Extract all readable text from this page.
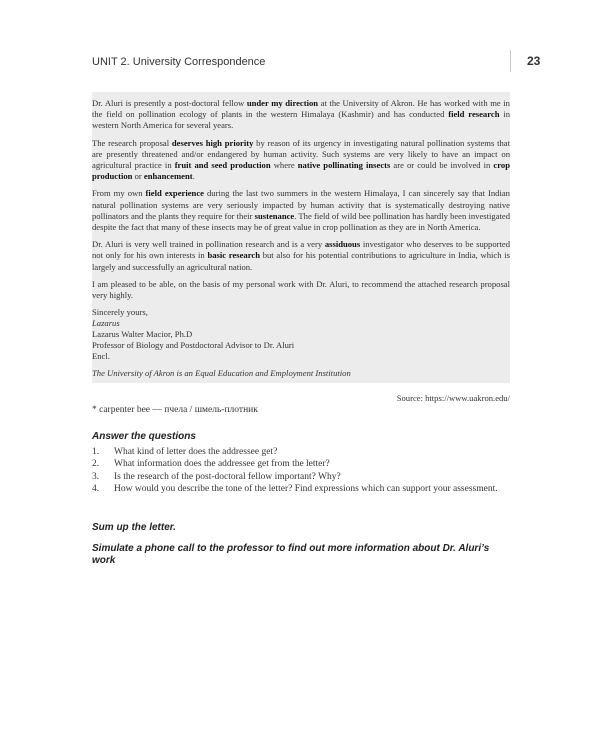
UNIT 2. University Correspondence	23

Dr. Aluri is presently a post-doctoral fellow under my direction at the University of Akron. He has worked with me in the field on pollination ecology of plants in the western Himalaya (Kashmir) and has conducted field research in western North America for several years.

The research proposal deserves high priority by reason of its urgency in investigating natural pollination systems that are presently threatened and/or endangered by human activity. Such systems are very likely to have an impact on agricultural practice in fruit and seed production where native pollinating insects are or could be involved in crop production or enhancement.

From my own field experience during the last two summers in the western Himalaya, I can sincerely say that Indian natural pollination systems are very seriously impacted by human activity that is systematically destroying native pollinators and the plants they require for their sustenance. The field of wild bee pollination has hardly been investigated despite the fact that many of these insects may be of great value in crop pollination as they are in North America.

Dr. Aluri is very well trained in pollination research and is a very assiduous investigator who deserves to be supported not only for his own interests in basic research but also for his potential contributions to agriculture in India, which is largely and successfully an agricultural nation.

I am pleased to be able, on the basis of my personal work with Dr. Aluri, to recommend the attached research proposal very highly.

Sincerely yours,
Lazarus
Lazarus Walter Macior, Ph.D
Professor of Biology and Postdoctoral Advisor to Dr. Aluri
Encl.
The University of Akron is an Equal Education and Employment Institution
Source: https://www.uakron.edu/
* carpenter bee — пчела / шмель-плотник
Answer the questions
1. What kind of letter does the addressee get?
2. What information does the addressee get from the letter?
3. Is the research of the post-doctoral fellow important? Why?
4. How would you describe the tone of the letter? Find expressions which can support your assessment.
Sum up the letter.
Simulate a phone call to the professor to find out more information about Dr. Aluri’s work
